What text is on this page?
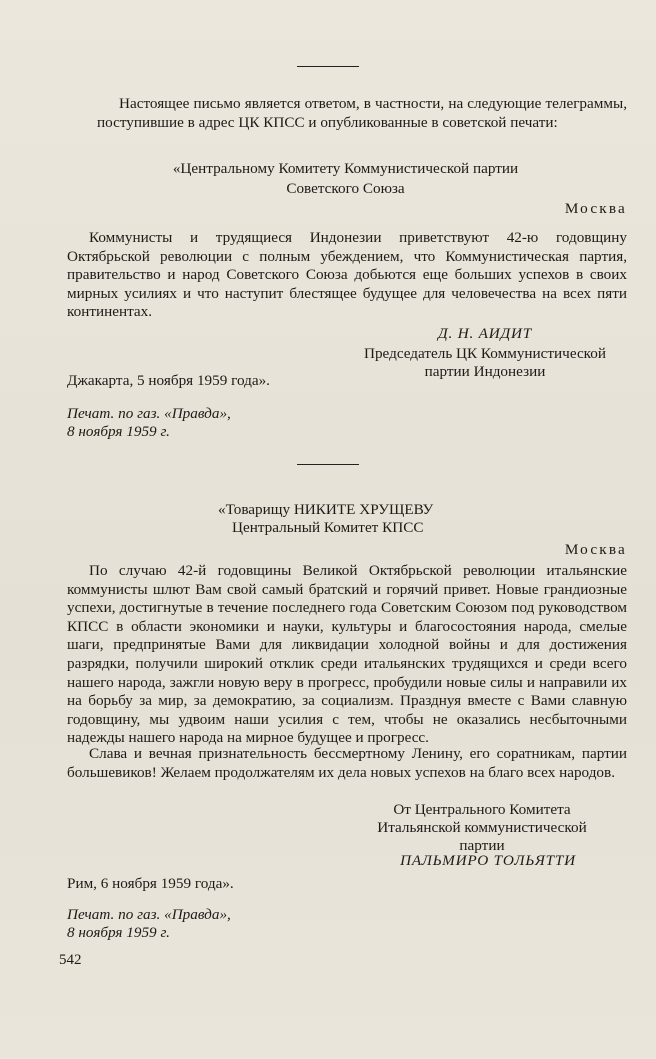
Настоящее письмо является ответом, в частности, на следующие телеграммы, поступившие в адрес ЦК КПСС и опубликованные в советской печати:
«Центральному Комитету Коммунистической партии
Советского Союза
Москва
Коммунисты и трудящиеся Индонезии приветствуют 42-ю годовщину Октябрьской революции с полным убеждением, что Коммунистическая партия, правительство и народ Советского Союза добьются еще больших успехов в своих мирных усилиях и что наступит блестящее будущее для человечества на всех пяти континентах.
Д. Н. АИДИТ
Председатель ЦК Коммунистической
партии Индонезии
Джакарта, 5 ноября 1959 года».
Печат. по газ. «Правда»,
8 ноября 1959 г.
«Товарищу НИКИТЕ ХРУЩЕВУ
Центральный Комитет КПСС
Москва
По случаю 42-й годовщины Великой Октябрьской революции итальянские коммунисты шлют Вам свой самый братский и горячий привет. Новые грандиозные успехи, достигнутые в течение последнего года Советским Союзом под руководством КПСС в области экономики и науки, культуры и благосостояния народа, смелые шаги, предпринятые Вами для ликвидации холодной войны и для достижения разрядки, получили широкий отклик среди итальянских трудящихся и среди всего нашего народа, зажгли новую веру в прогресс, пробудили новые силы и направили их на борьбу за мир, за демократию, за социализм. Празднуя вместе с Вами славную годовщину, мы удвоим наши усилия с тем, чтобы не оказались несбыточными надежды нашего народа на мирное будущее и прогресс.
Слава и вечная признательность бессмертному Ленину, его соратникам, партии большевиков! Желаем продолжателям их дела новых успехов на благо всех народов.
От Центрального Комитета
Итальянской коммунистической
партии
ПАЛЬМИРО ТОЛЬЯТТИ
Рим, 6 ноября 1959 года».
Печат. по газ. «Правда»,
8 ноября 1959 г.
542
